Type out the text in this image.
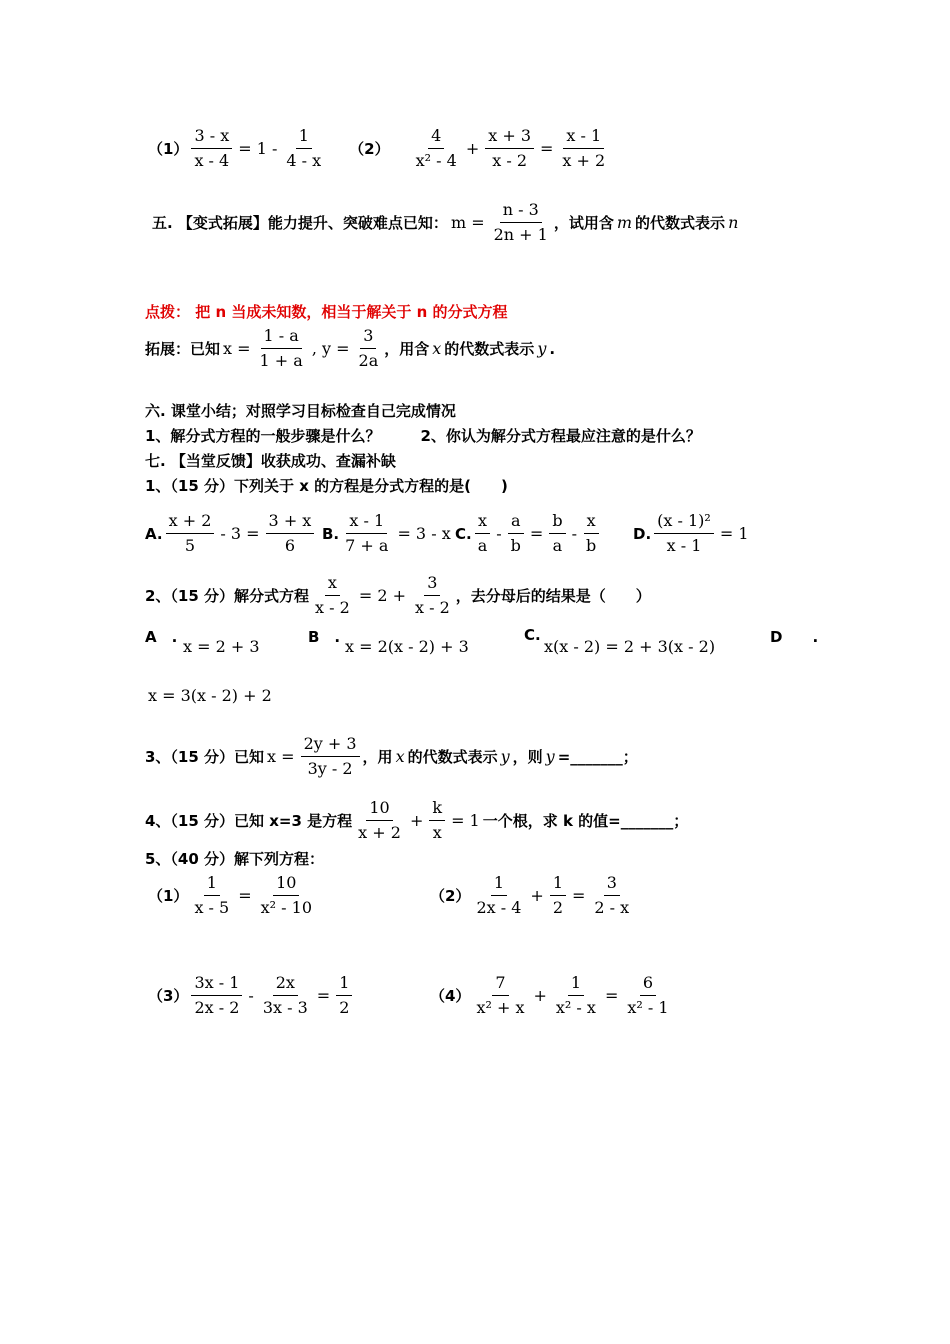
$(1) \frac{3 - x}{x - 4} = 1 - \frac{1}{4 - x} (2) \frac{4}{\text{x² - 4}} + \frac{x + 3}{x - 2} = \frac{x - 1}{x + 2}$
五. 【变式拓展】能力提升、突破难点已知： $m = \frac{n - 3}{2n + 1}$ ，试用含 m 的代数式表示 n
点拨： 把 n 当成未知数，相当于解关于 n 的分式方程
拓展：已知 $x = \frac{1 - a}{1 + a}$ , $y = \frac{3}{2a}$ ，用含 x 的代数式表示 y .
六. 课堂小结；对照学习目标检查自己完成情况
1、解分式方程的一般步骤是什么？	2、你认为解分式方程最应注意的是什么？
七. 【当堂反馈】收获成功、查漏补缺
1、（15 分）下列关于 x 的方程是分式方程的是(　　)
A. $\frac{x + 2}{5} - 3 = \frac{3 + x}{6} B$. $\frac{x - 1}{7 + a} = 3 - x$ C. $\frac{x}{a} - \frac{a}{b} = \frac{b}{a} - \frac{x}{b} D$. $\frac{\text{(x - 1)²}}{x - 1} = 1$
2、（15 分）解分式方程 $\frac{x}{x - 2} = 2 + \frac{3}{x - 2}$ ，去分母后的结果是（　　）
A　. x = 2 + 3	B　. x = 2(x - 2) + 3
C.
x(x - 2) = 2 + 3(x - 2)	D　　.
x = 3(x - 2) + 2
3、（15 分）已知 $x = \frac{2y + 3}{3y - 2}$ ，用 x 的代数式表示 y ，则 y =_______；
4、（15 分）已知 x=3 是方程 $\frac{10}{x + 2} + \frac{k}{x} = 1$ 一个根，求 k 的值=_______；
5、（40 分）解下列方程：
$(1) \frac{1}{x - 5} = \frac{10}{\text{x² - 10}}$	$(2) \frac{1}{2x - 4} + \frac{1}{2} = \frac{3}{2 - x}$
$(3) \frac{3x - 1}{2x - 2} - \frac{2x}{3x - 3} = \frac{1}{2}$	$(4) \frac{7}{\text{x² + x}} + \frac{1}{\text{x² - x}} = \frac{6}{\text{x² - 1}}$
